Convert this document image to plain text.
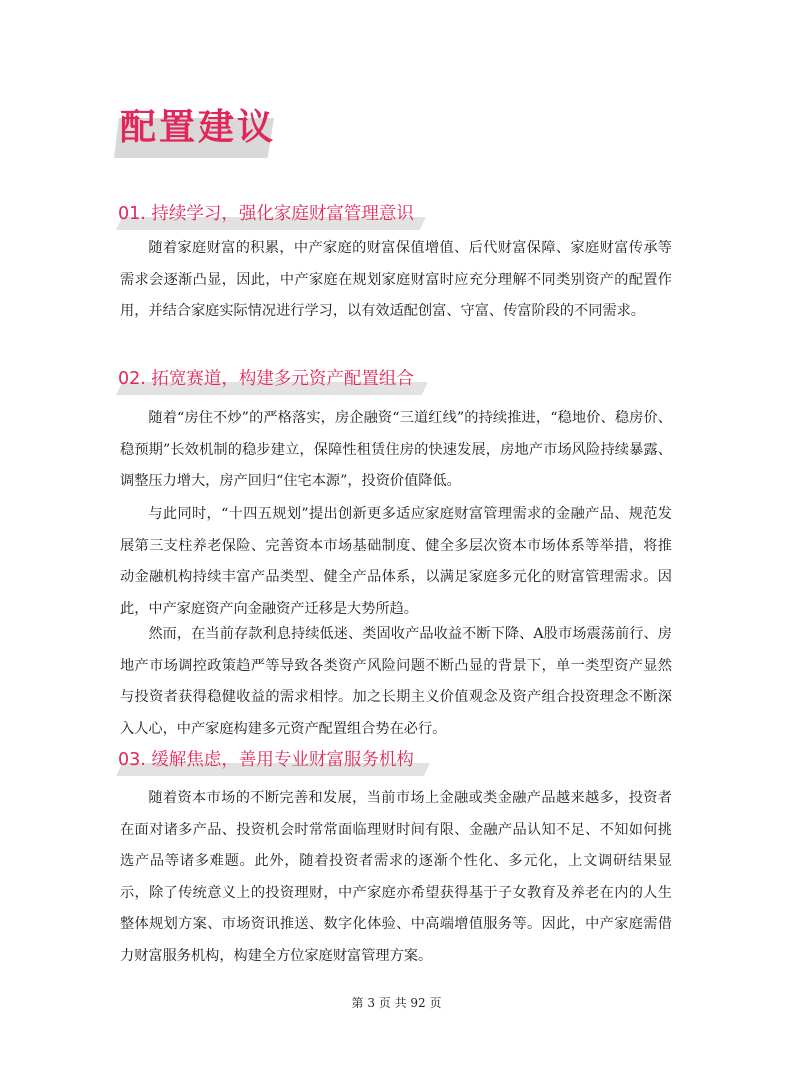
配置建议
01. 持续学习，强化家庭财富管理意识

随着家庭财富的积累，中产家庭的财富保值增值、后代财富保障、家庭财富传承等需求会逐渐凸显，因此，中产家庭在规划家庭财富时应充分理解不同类别资产的配置作用，并结合家庭实际情况进行学习，以有效适配创富、守富、传富阶段的不同需求。

02. 拓宽赛道，构建多元资产配置组合

随着“房住不炒”的严格落实，房企融资“三道红线”的持续推进，“稳地价、稳房价、稳预期”长效机制的稳步建立，保障性租赁住房的快速发展，房地产市场风险持续暴露、调整压力增大，房产回归“住宅本源”，投资价值降低。

与此同时，“十四五规划”提出创新更多适应家庭财富管理需求的金融产品、规范发展第三支柱养老保险、完善资本市场基础制度、健全多层次资本市场体系等举措，将推动金融机构持续丰富产品类型、健全产品体系，以满足家庭多元化的财富管理需求。因此，中产家庭资产向金融资产迁移是大势所趋。

然而，在当前存款利息持续低迷、类固收产品收益不断下降、A股市场震荡前行、房地产市场调控政策趋严等导致各类资产风险问题不断凸显的背景下，单一类型资产显然与投资者获得稳健收益的需求相悖。加之长期主义价值观念及资产组合投资理念不断深入人心，中产家庭构建多元资产配置组合势在必行。

03. 缓解焦虑，善用专业财富服务机构

随着资本市场的不断完善和发展，当前市场上金融或类金融产品越来越多，投资者在面对诸多产品、投资机会时常常面临理财时间有限、金融产品认知不足、不知如何挑选产品等诸多难题。此外，随着投资者需求的逐渐个性化、多元化，上文调研结果显示，除了传统意义上的投资理财，中产家庭亦希望获得基于子女教育及养老在内的人生整体规划方案、市场资讯推送、数字化体验、中高端增值服务等。因此，中产家庭需借力财富服务机构，构建全方位家庭财富管理方案。

第 3 页 共 92 页
